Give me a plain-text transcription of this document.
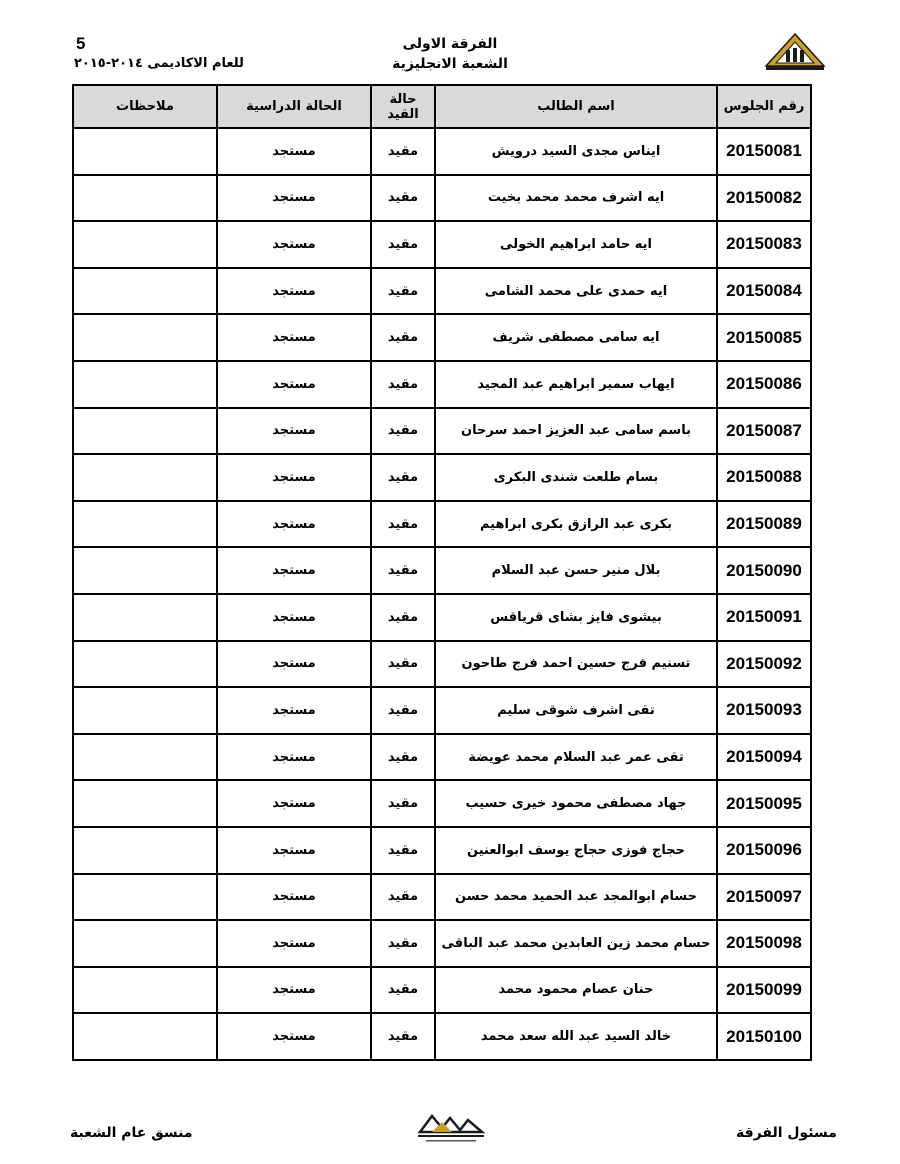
5
للعام الاكاديمى ٢٠١٤-٢٠١٥
الفرقة الاولى
الشعبة الانجليزية
رقم الجلوس	اسم الطالب	حالة القيد	الحالة الدراسية	ملاحظات
20150081	ايناس مجدى السيد درويش	مقيد	مستجد	
20150082	ايه اشرف محمد محمد بخيت	مقيد	مستجد	
20150083	ايه حامد ابراهيم الخولى	مقيد	مستجد	
20150084	ايه حمدى على محمد الشامى	مقيد	مستجد	
20150085	ايه سامى مصطفى شريف	مقيد	مستجد	
20150086	ايهاب سمير ابراهيم عبد المجيد	مقيد	مستجد	
20150087	باسم سامى عبد العزيز احمد سرحان	مقيد	مستجد	
20150088	بسام طلعت شندى البكرى	مقيد	مستجد	
20150089	بكرى عبد الرازق بكرى ابراهيم	مقيد	مستجد	
20150090	بلال منير حسن عبد السلام	مقيد	مستجد	
20150091	بيشوى فايز بشاى قرياقس	مقيد	مستجد	
20150092	تسنيم فرج حسين احمد فرج طاحون	مقيد	مستجد	
20150093	تقى اشرف شوقى سليم	مقيد	مستجد	
20150094	تقى عمر عبد السلام محمد عويضة	مقيد	مستجد	
20150095	جهاد مصطفى محمود خيرى حسيب	مقيد	مستجد	
20150096	حجاج فوزى حجاج يوسف ابوالعنين	مقيد	مستجد	
20150097	حسام ابوالمجد عبد الحميد محمد حسن	مقيد	مستجد	
20150098	حسام محمد زين العابدين محمد عبد الباقى	مقيد	مستجد	
20150099	حنان عصام محمود محمد	مقيد	مستجد	
20150100	خالد السيد عبد الله سعد محمد	مقيد	مستجد	
مسئول الفرقة
منسق عام الشعبة
